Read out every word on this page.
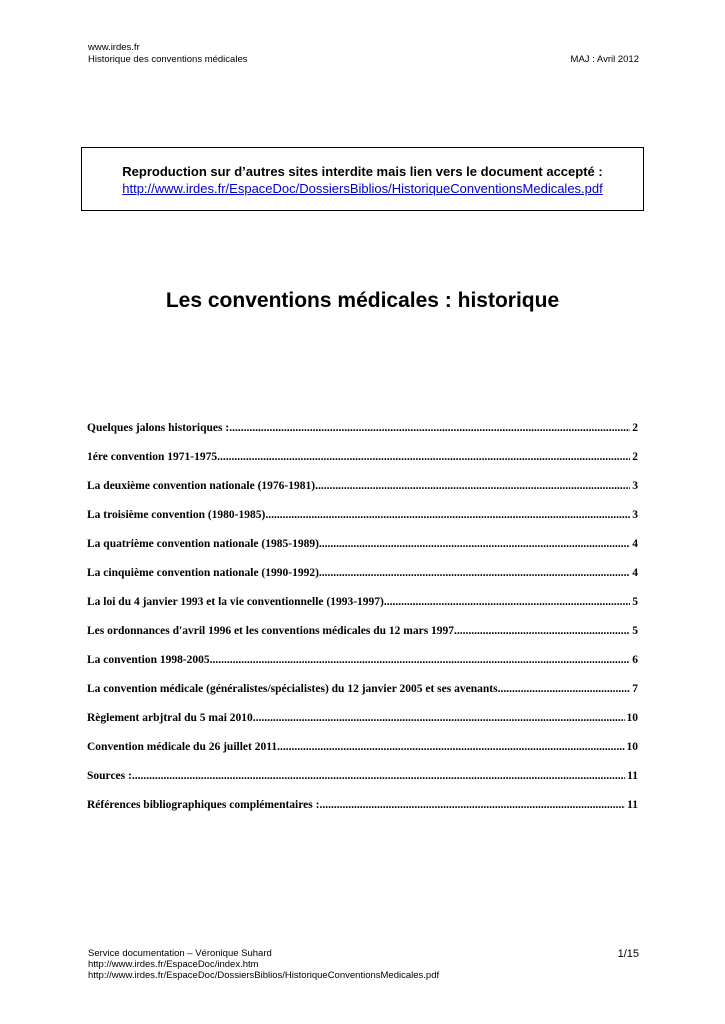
www.irdes.fr
Historique des conventions médicales	MAJ : Avril 2012
Reproduction sur d’autres sites interdite mais lien vers le document accepté :
http://www.irdes.fr/EspaceDoc/DossiersBiblios/HistoriqueConventionsMedicales.pdf
Les conventions médicales : historique
Quelques jalons historiques : .....	2
1ére convention 1971-1975 .....	2
La deuxième convention nationale (1976-1981) .....	3
La troisième convention (1980-1985) .....	3
La quatrième convention nationale (1985-1989) .....	4
La cinquième convention nationale (1990-1992) .....	4
La loi du 4 janvier 1993 et la vie conventionnelle (1993-1997) .....	5
Les ordonnances d'avril 1996 et les conventions médicales du 12 mars 1997 .....	5
La convention 1998-2005 .....	6
La convention médicale (généralistes/spécialistes) du 12 janvier 2005 et ses avenants .....	7
Règlement arbjtral du 5 mai 2010 .....	10
Convention médicale du 26 juillet 2011 .....	10
Sources : .....	11
Références bibliographiques complémentaires : .....	11
Service documentation – Véronique Suhard
http://www.irdes.fr/EspaceDoc/index.htm
http://www.irdes.fr/EspaceDoc/DossiersBiblios/HistoriqueConventionsMedicales.pdf
1/15
